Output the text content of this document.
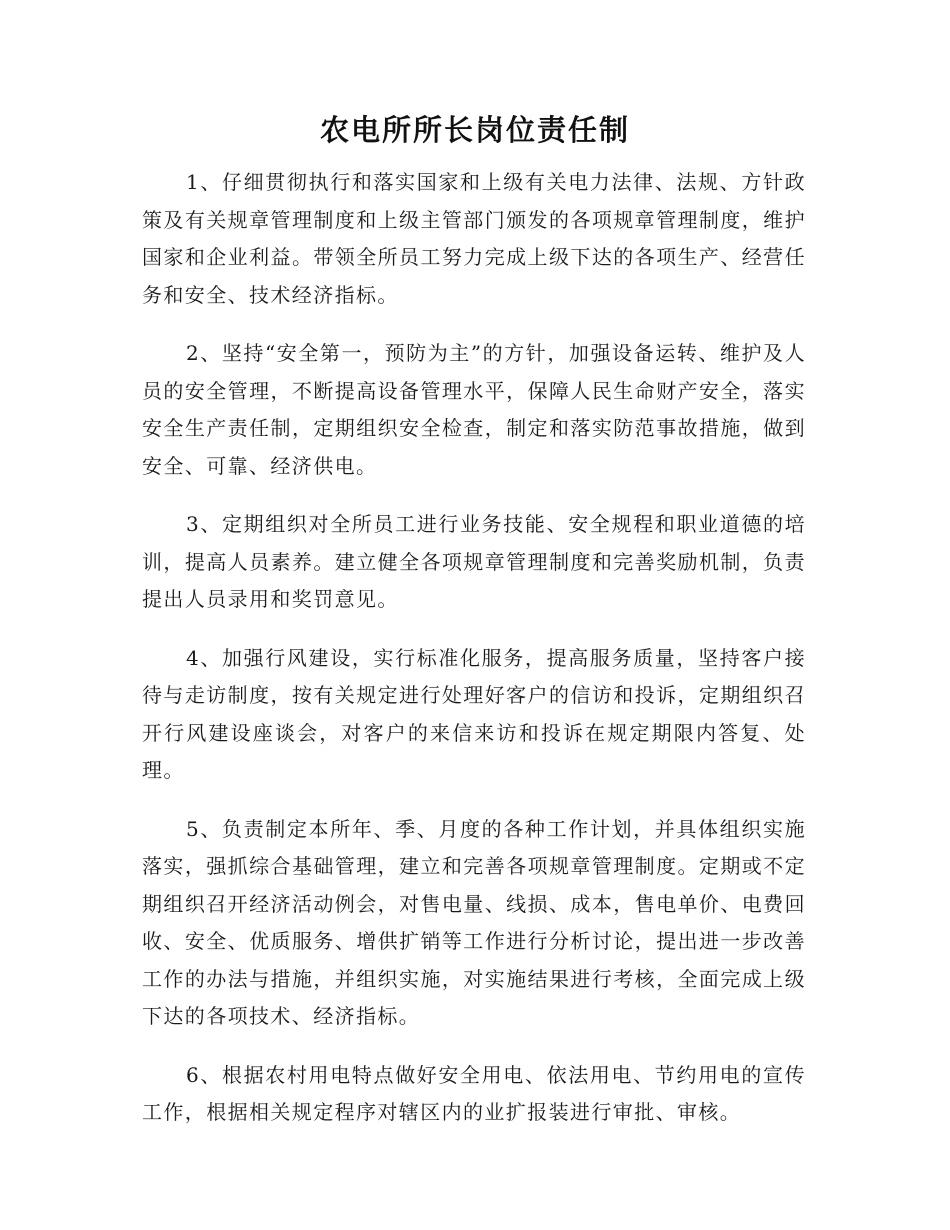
农电所所长岗位责任制

1、仔细贯彻执行和落实国家和上级有关电力法律、法规、方针政策及有关规章管理制度和上级主管部门颁发的各项规章管理制度，维护国家和企业利益。带领全所员工努力完成上级下达的各项生产、经营任务和安全、技术经济指标。

2、坚持“安全第一，预防为主”的方针，加强设备运转、维护及人员的安全管理，不断提高设备管理水平，保障人民生命财产安全，落实安全生产责任制，定期组织安全检查，制定和落实防范事故措施，做到安全、可靠、经济供电。

3、定期组织对全所员工进行业务技能、安全规程和职业道德的培训，提高人员素养。建立健全各项规章管理制度和完善奖励机制，负责提出人员录用和奖罚意见。

4、加强行风建设，实行标准化服务，提高服务质量，坚持客户接待与走访制度，按有关规定进行处理好客户的信访和投诉，定期组织召开行风建设座谈会，对客户的来信来访和投诉在规定期限内答复、处理。

5、负责制定本所年、季、月度的各种工作计划，并具体组织实施落实，强抓综合基础管理，建立和完善各项规章管理制度。定期或不定期组织召开经济活动例会，对售电量、线损、成本，售电单价、电费回收、安全、优质服务、增供扩销等工作进行分析讨论，提出进一步改善工作的办法与措施，并组织实施，对实施结果进行考核，全面完成上级下达的各项技术、经济指标。

6、根据农村用电特点做好安全用电、依法用电、节约用电的宣传工作，根据相关规定程序对辖区内的业扩报装进行审批、审核。
